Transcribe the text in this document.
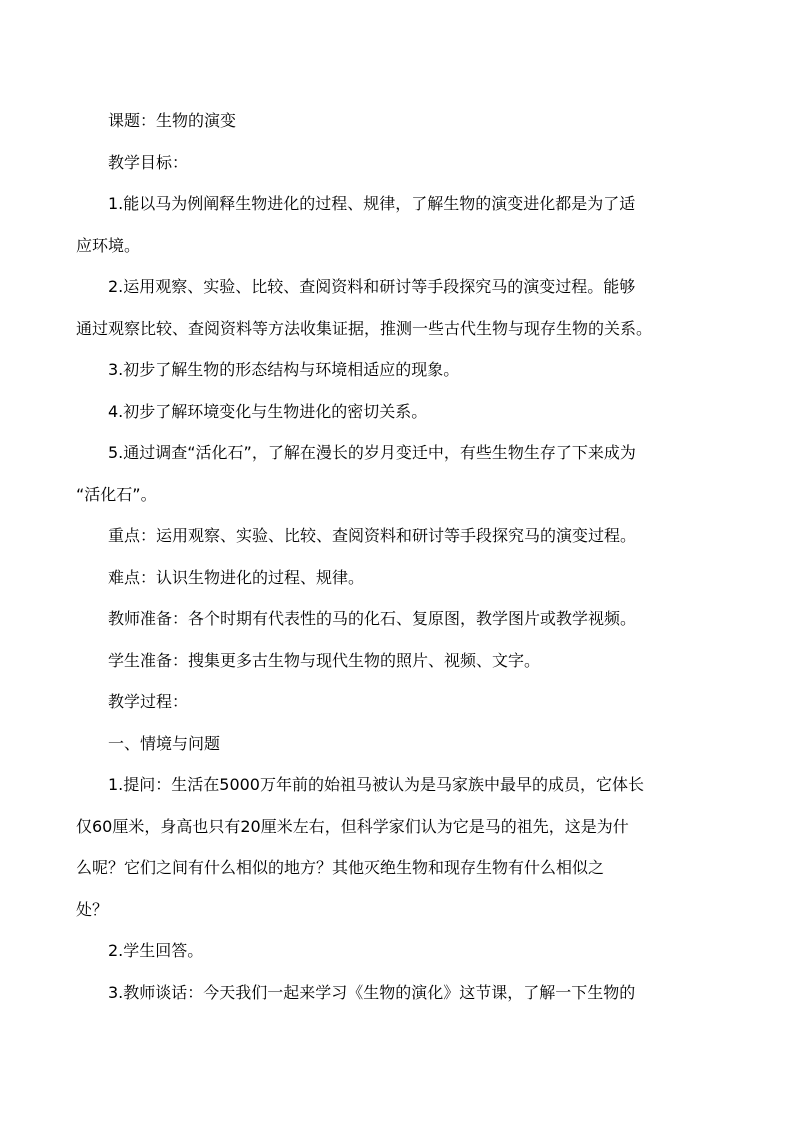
课题：生物的演变
教学目标：
1.能以马为例阐释生物进化的过程、规律，了解生物的演变进化都是为了适
应环境。
2.运用观察、实验、比较、查阅资料和研讨等手段探究马的演变过程。能够
通过观察比较、查阅资料等方法收集证据，推测一些古代生物与现存生物的关系。
3.初步了解生物的形态结构与环境相适应的现象。
4.初步了解环境变化与生物进化的密切关系。
5.通过调查“活化石”，了解在漫长的岁月变迁中，有些生物生存了下来成为
“活化石”。
重点：运用观察、实验、比较、查阅资料和研讨等手段探究马的演变过程。
难点：认识生物进化的过程、规律。
教师准备：各个时期有代表性的马的化石、复原图，教学图片或教学视频。
学生准备：搜集更多古生物与现代生物的照片、视频、文字。
教学过程：
一、情境与问题
1.提问：生活在5000万年前的始祖马被认为是马家族中最早的成员，它体长
仅60厘米，身高也只有20厘米左右，但科学家们认为它是马的祖先，这是为什
么呢？它们之间有什么相似的地方？其他灭绝生物和现存生物有什么相似之
处？
2.学生回答。
3.教师谈话：今天我们一起来学习《生物的演化》这节课，了解一下生物的
